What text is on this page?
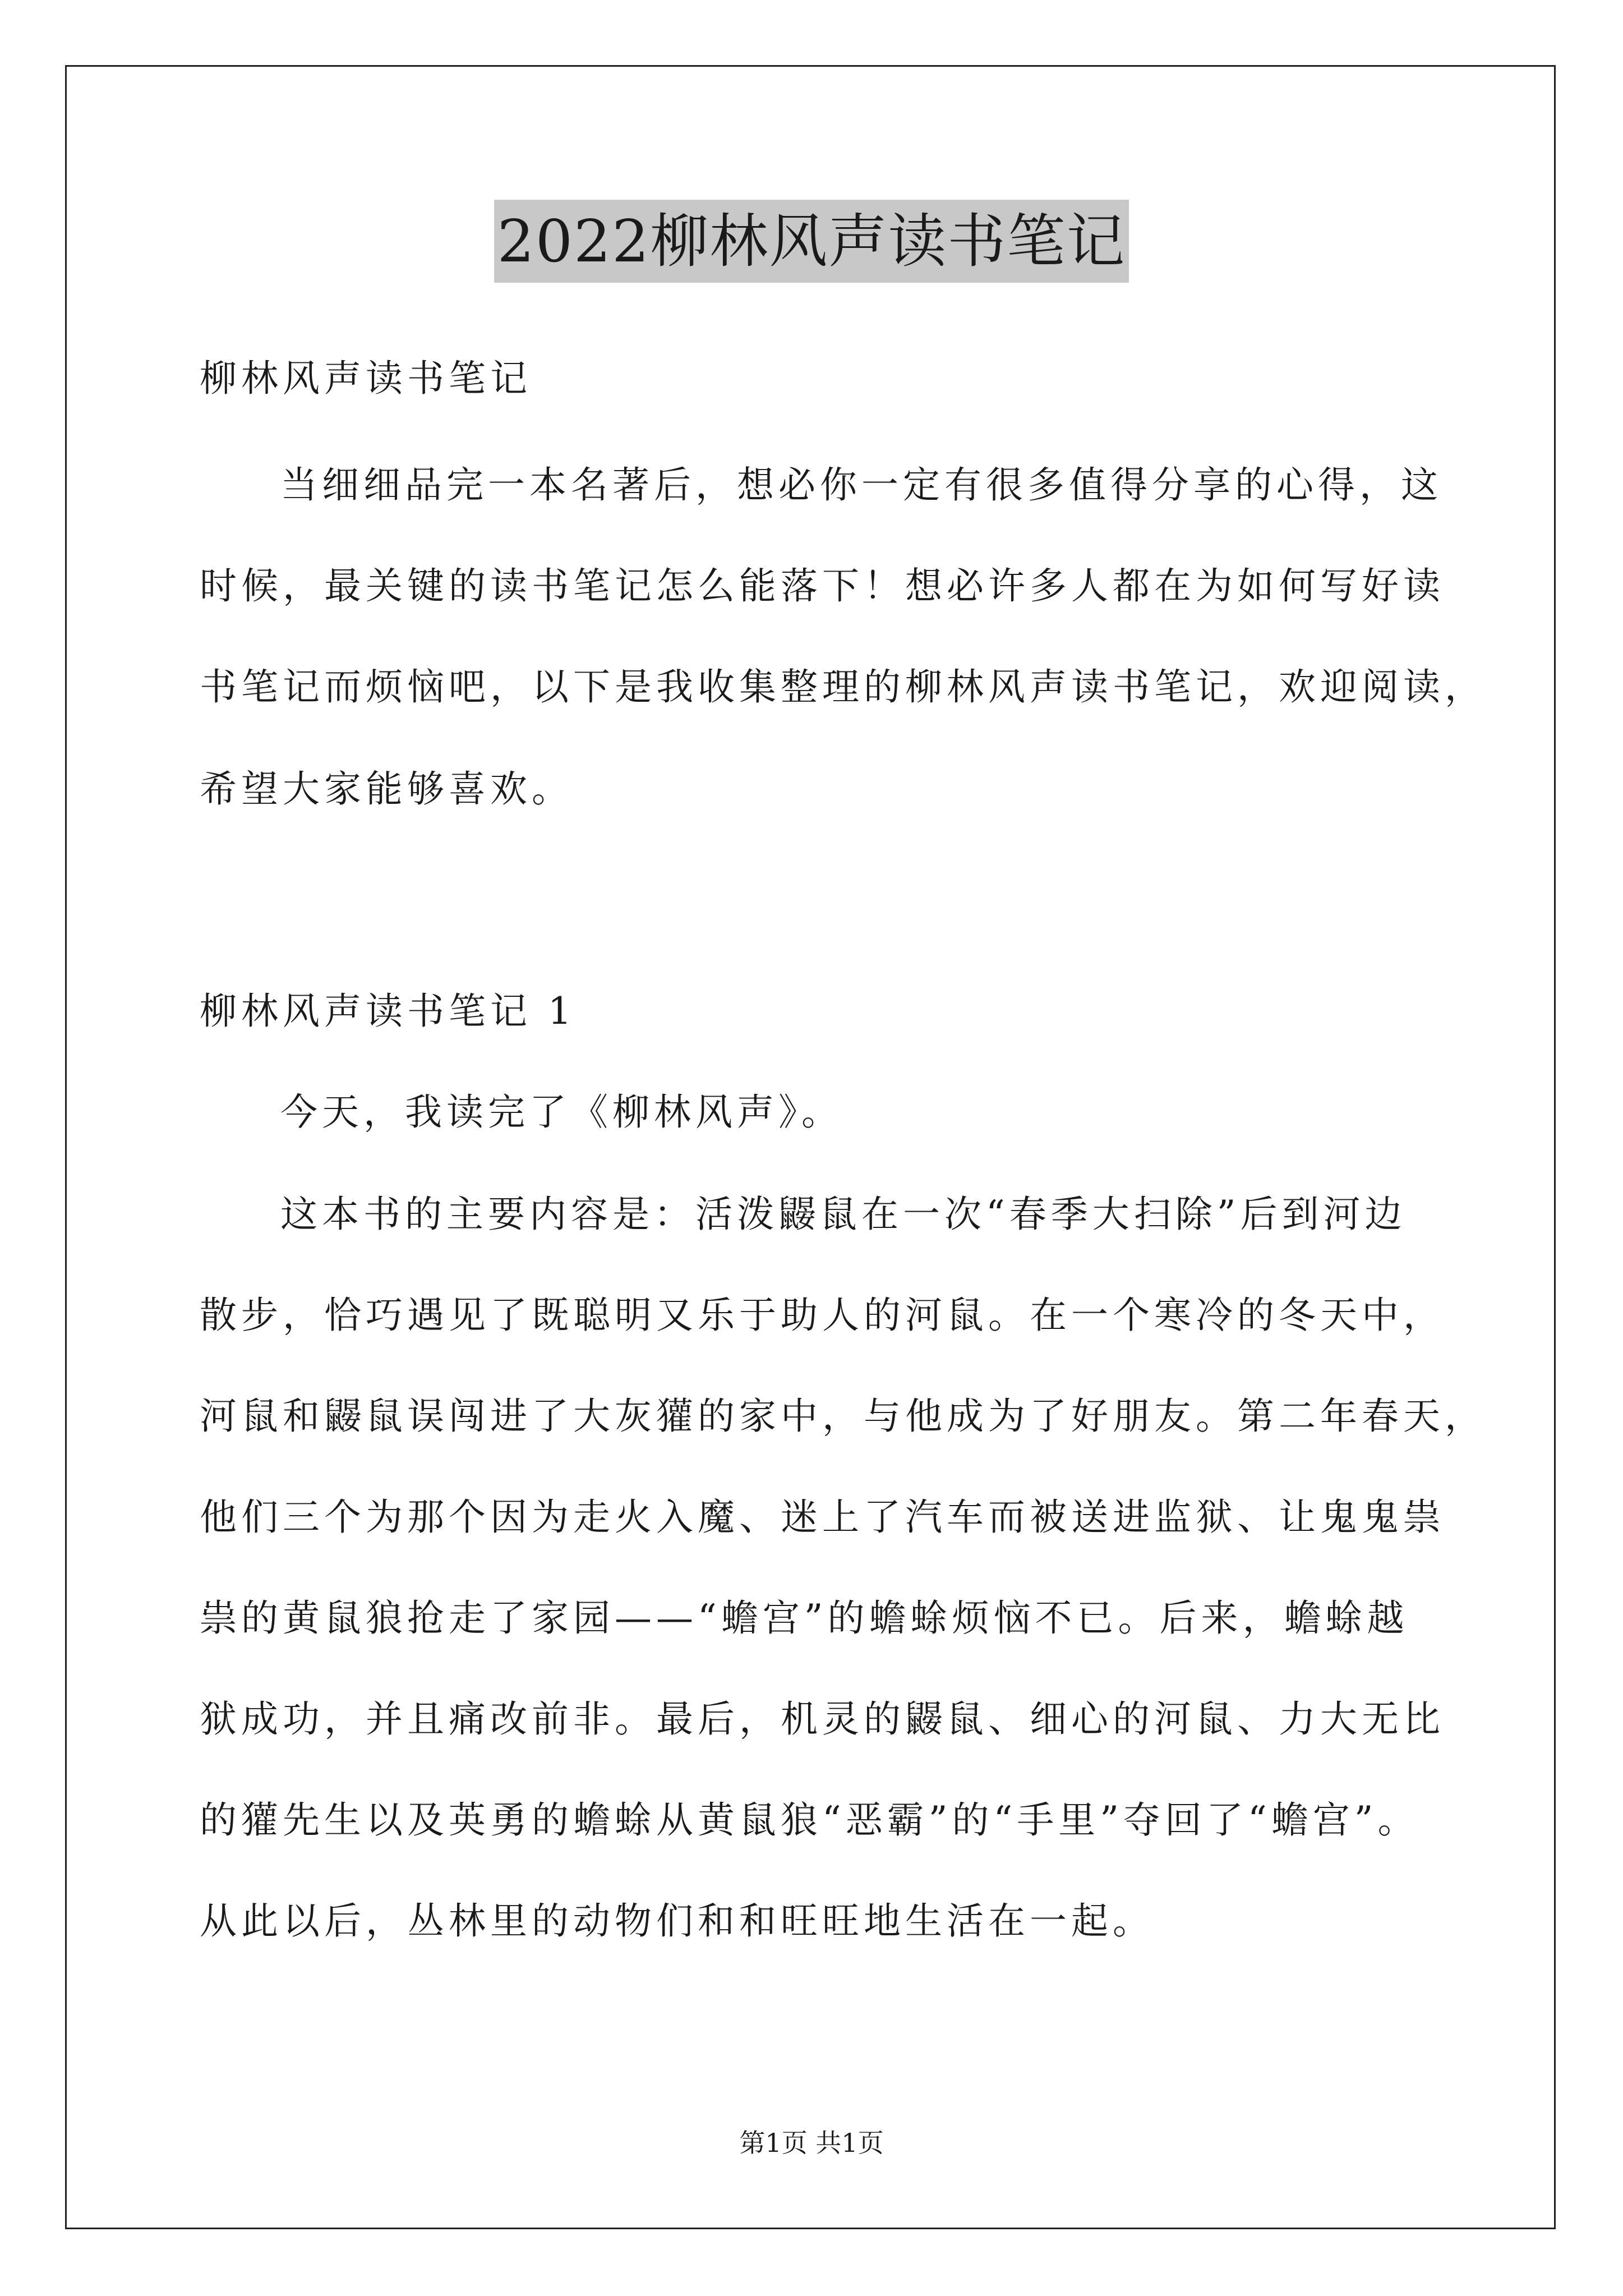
2022柳林风声读书笔记
柳林风声读书笔记
当细细品完一本名著后，想必你一定有很多值得分享的心得，这
时候，最关键的读书笔记怎么能落下！想必许多人都在为如何写好读
书笔记而烦恼吧，以下是我收集整理的柳林风声读书笔记，欢迎阅读，
希望大家能够喜欢。
柳林风声读书笔记 1
今天，我读完了《柳林风声》。
这本书的主要内容是：活泼鼹鼠在一次“春季大扫除”后到河边
散步，恰巧遇见了既聪明又乐于助人的河鼠。在一个寒冷的冬天中，
河鼠和鼹鼠误闯进了大灰獾的家中，与他成为了好朋友。第二年春天，
他们三个为那个因为走火入魔、迷上了汽车而被送进监狱、让鬼鬼祟
祟的黄鼠狼抢走了家园——“蟾宫”的蟾蜍烦恼不已。后来，蟾蜍越
狱成功，并且痛改前非。最后，机灵的鼹鼠、细心的河鼠、力大无比
的獾先生以及英勇的蟾蜍从黄鼠狼“恶霸”的“手里”夺回了“蟾宫”。
从此以后，丛林里的动物们和和旺旺地生活在一起。
第1页 共1页
